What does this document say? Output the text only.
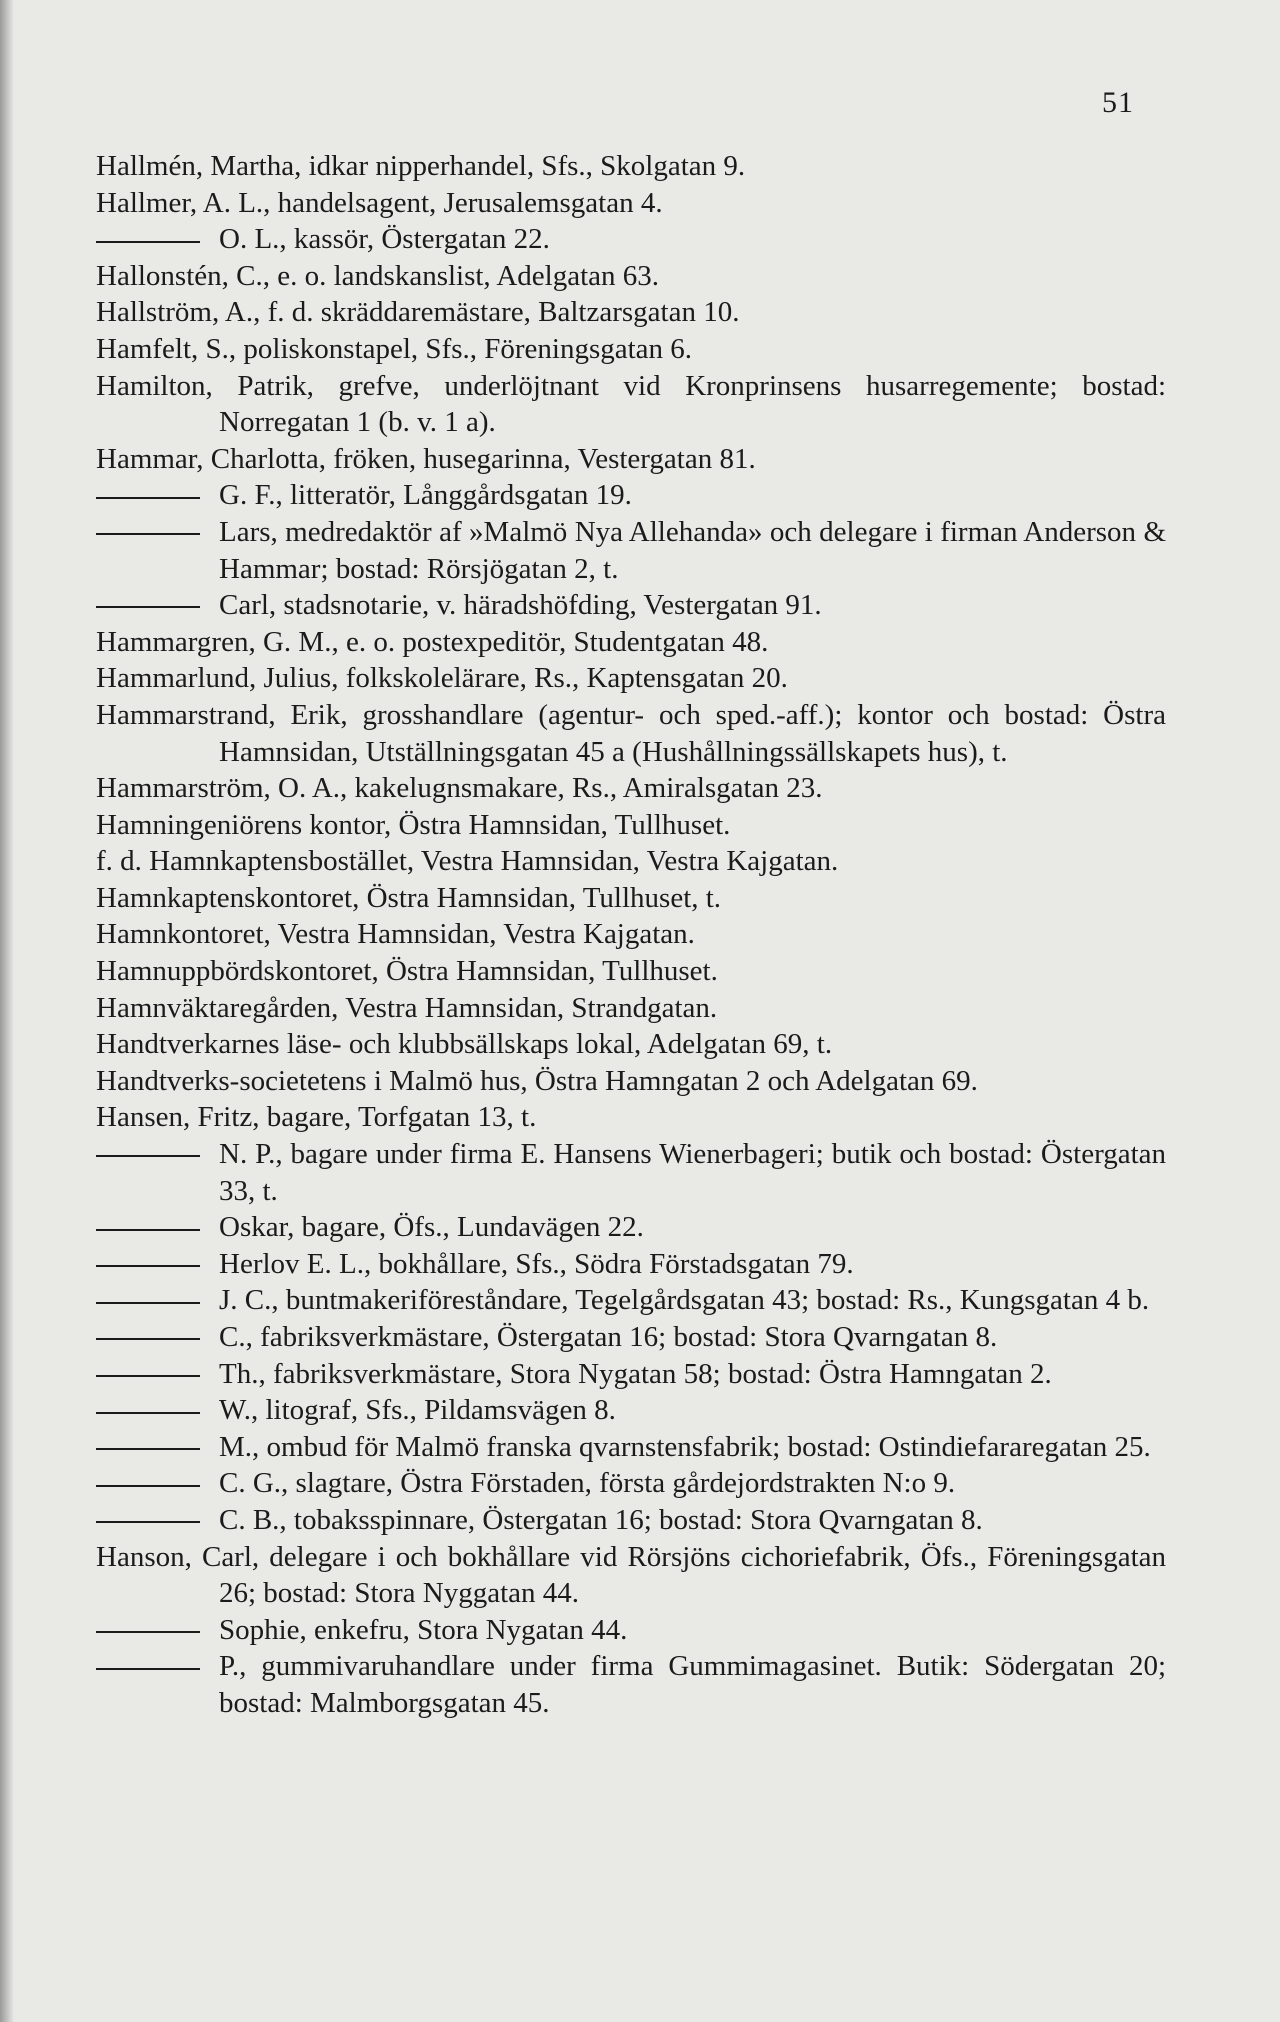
51

Hallmén, Martha, idkar nipperhandel, Sfs., Skolgatan 9.

Hallmer, A. L., handelsagent, Jerusalemsgatan 4.

O. L., kassör, Östergatan 22.

Hallonstén, C., e. o. landskanslist, Adelgatan 63.

Hallström, A., f. d. skräddaremästare, Baltzarsgatan 10.

Hamfelt, S., poliskonstapel, Sfs., Föreningsgatan 6.

Hamilton, Patrik, grefve, underlöjtnant vid Kronprinsens husarregemente; bostad: Norregatan 1 (b. v. 1 a).

Hammar, Charlotta, fröken, husegarinna, Vestergatan 81.

G. F., litteratör, Långgårdsgatan 19.

Lars, medredaktör af »Malmö Nya Allehanda» och delegare i firman Anderson & Hammar; bostad: Rörsjögatan 2, t.

Carl, stadsnotarie, v. häradshöfding, Vestergatan 91.

Hammargren, G. M., e. o. postexpeditör, Studentgatan 48.

Hammarlund, Julius, folkskolelärare, Rs., Kaptensgatan 20.

Hammarstrand, Erik, grosshandlare (agentur- och sped.-aff.); kontor och bostad: Östra Hamnsidan, Utställningsgatan 45 a (Hushållningssällskapets hus), t.

Hammarström, O. A., kakelugnsmakare, Rs., Amiralsgatan 23.

Hamningeniörens kontor, Östra Hamnsidan, Tullhuset.

f. d. Hamnkaptensbostället, Vestra Hamnsidan, Vestra Kajgatan.

Hamnkaptenskontoret, Östra Hamnsidan, Tullhuset, t.

Hamnkontoret, Vestra Hamnsidan, Vestra Kajgatan.

Hamnuppbördskontoret, Östra Hamnsidan, Tullhuset.

Hamnväktaregården, Vestra Hamnsidan, Strandgatan.

Handtverkarnes läse- och klubbsällskaps lokal, Adelgatan 69, t.

Handtverks-societetens i Malmö hus, Östra Hamngatan 2 och Adelgatan 69.

Hansen, Fritz, bagare, Torfgatan 13, t.

N. P., bagare under firma E. Hansens Wienerbageri; butik och bostad: Östergatan 33, t.

Oskar, bagare, Öfs., Lundavägen 22.

Herlov E. L., bokhållare, Sfs., Södra Förstadsgatan 79.

J. C., buntmakeriföreståndare, Tegelgårdsgatan 43; bostad: Rs., Kungsgatan 4 b.

C., fabriksverkmästare, Östergatan 16; bostad: Stora Qvarngatan 8.

Th., fabriksverkmästare, Stora Nygatan 58; bostad: Östra Hamngatan 2.

W., litograf, Sfs., Pildamsvägen 8.

M., ombud för Malmö franska qvarnstensfabrik; bostad: Ostindiefararegatan 25.

C. G., slagtare, Östra Förstaden, första gårdejordstrakten N:o 9.

C. B., tobaksspinnare, Östergatan 16; bostad: Stora Qvarngatan 8.

Hanson, Carl, delegare i och bokhållare vid Rörsjöns cichoriefabrik, Öfs., Föreningsgatan 26; bostad: Stora Nyggatan 44.

Sophie, enkefru, Stora Nygatan 44.

P., gummivaruhandlare under firma Gummimagasinet. Butik: Södergatan 20; bostad: Malmborgsgatan 45.
